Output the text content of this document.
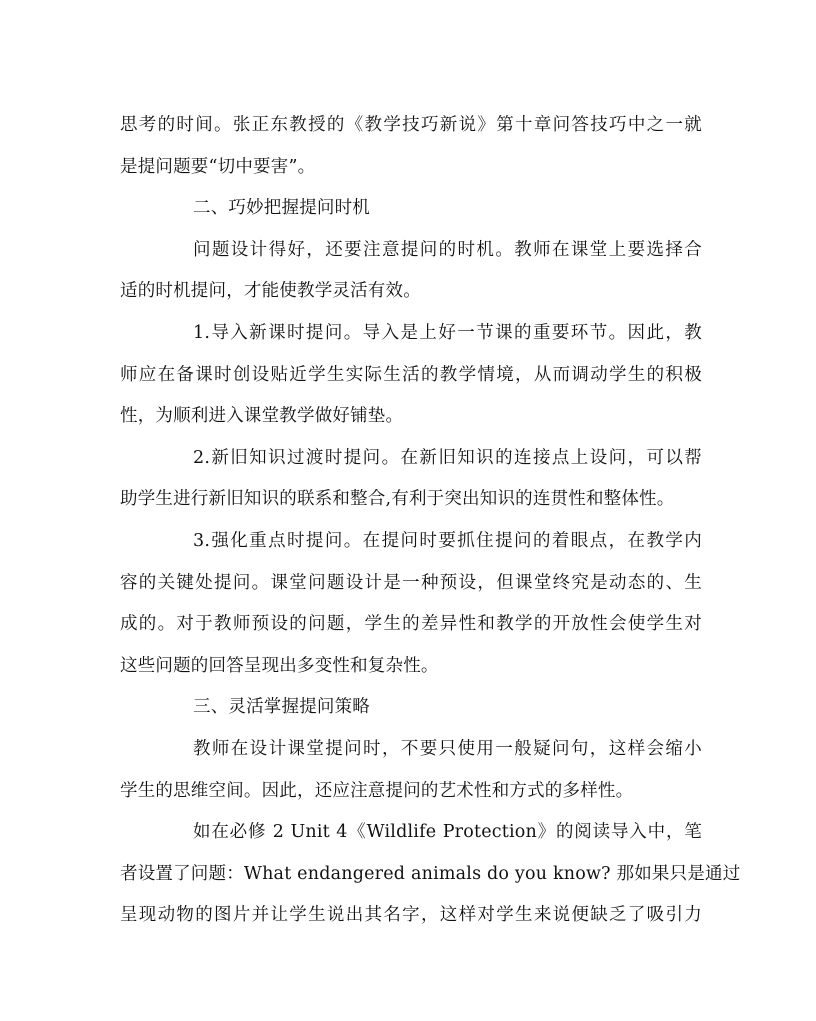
思考的时间。张正东教授的《教学技巧新说》第十章问答技巧中之一就
是提问题要“切中要害”。
二、巧妙把握提问时机
问题设计得好，还要注意提问的时机。教师在课堂上要选择合
适的时机提问，才能使教学灵活有效。
1.导入新课时提问。导入是上好一节课的重要环节。因此，教
师应在备课时创设贴近学生实际生活的教学情境，从而调动学生的积极
性，为顺利进入课堂教学做好铺垫。
2.新旧知识过渡时提问。在新旧知识的连接点上设问，可以帮
助学生进行新旧知识的联系和整合,有利于突出知识的连贯性和整体性。
3.强化重点时提问。在提问时要抓住提问的着眼点，在教学内
容的关键处提问。课堂问题设计是一种预设，但课堂终究是动态的、生
成的。对于教师预设的问题，学生的差异性和教学的开放性会使学生对
这些问题的回答呈现出多变性和复杂性。
三、灵活掌握提问策略
教师在设计课堂提问时，不要只使用一般疑问句，这样会缩小
学生的思维空间。因此，还应注意提问的艺术性和方式的多样性。
如在必修 2 Unit 4《Wildlife Protection》的阅读导入中，笔
者设置了问题：What endangered animals do you know? 那如果只是通过
呈现动物的图片并让学生说出其名字，这样对学生来说便缺乏了吸引力
